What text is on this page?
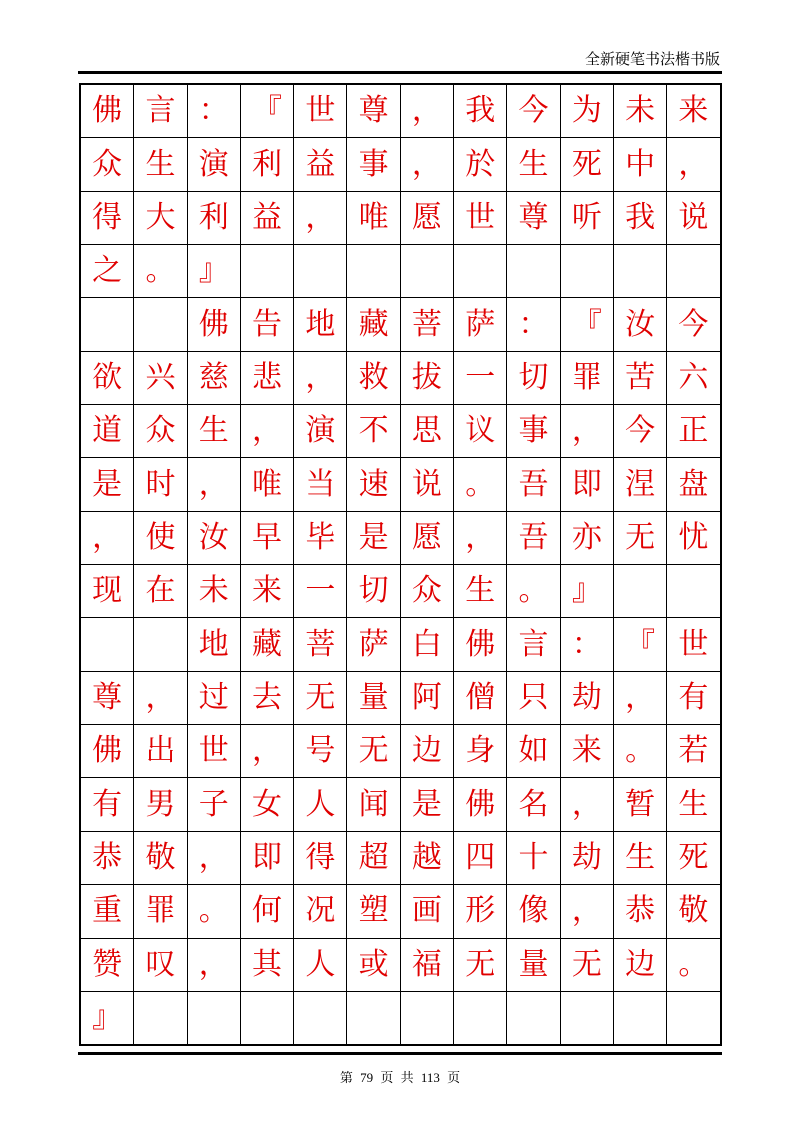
全新硬笔书法楷书版
佛	言	：	『	世	尊	，	我	今	为	未	来
众	生	演	利	益	事	，	於	生	死	中	，
得	大	利	益	，	唯	愿	世	尊	听	我	说
之	。	』									
		佛	告	地	藏	菩	萨	：	『	汝	今
欲	兴	慈	悲	，	救	拔	一	切	罪	苦	六
道	众	生	，	演	不	思	议	事	，	今	正
是	时	，	唯	当	速	说	。	吾	即	涅	盘
，	使	汝	早	毕	是	愿	，	吾	亦	无	忧
现	在	未	来	一	切	众	生	。	』		
		地	藏	菩	萨	白	佛	言	：	『	世
尊	，	过	去	无	量	阿	僧	只	劫	，	有
佛	出	世	，	号	无	边	身	如	来	。	若
有	男	子	女	人	闻	是	佛	名	，	暂	生
恭	敬	，	即	得	超	越	四	十	劫	生	死
重	罪	。	何	况	塑	画	形	像	，	恭	敬
赞	叹	，	其	人	或	福	无	量	无	边	。
』											
第 79 页 共 113 页
